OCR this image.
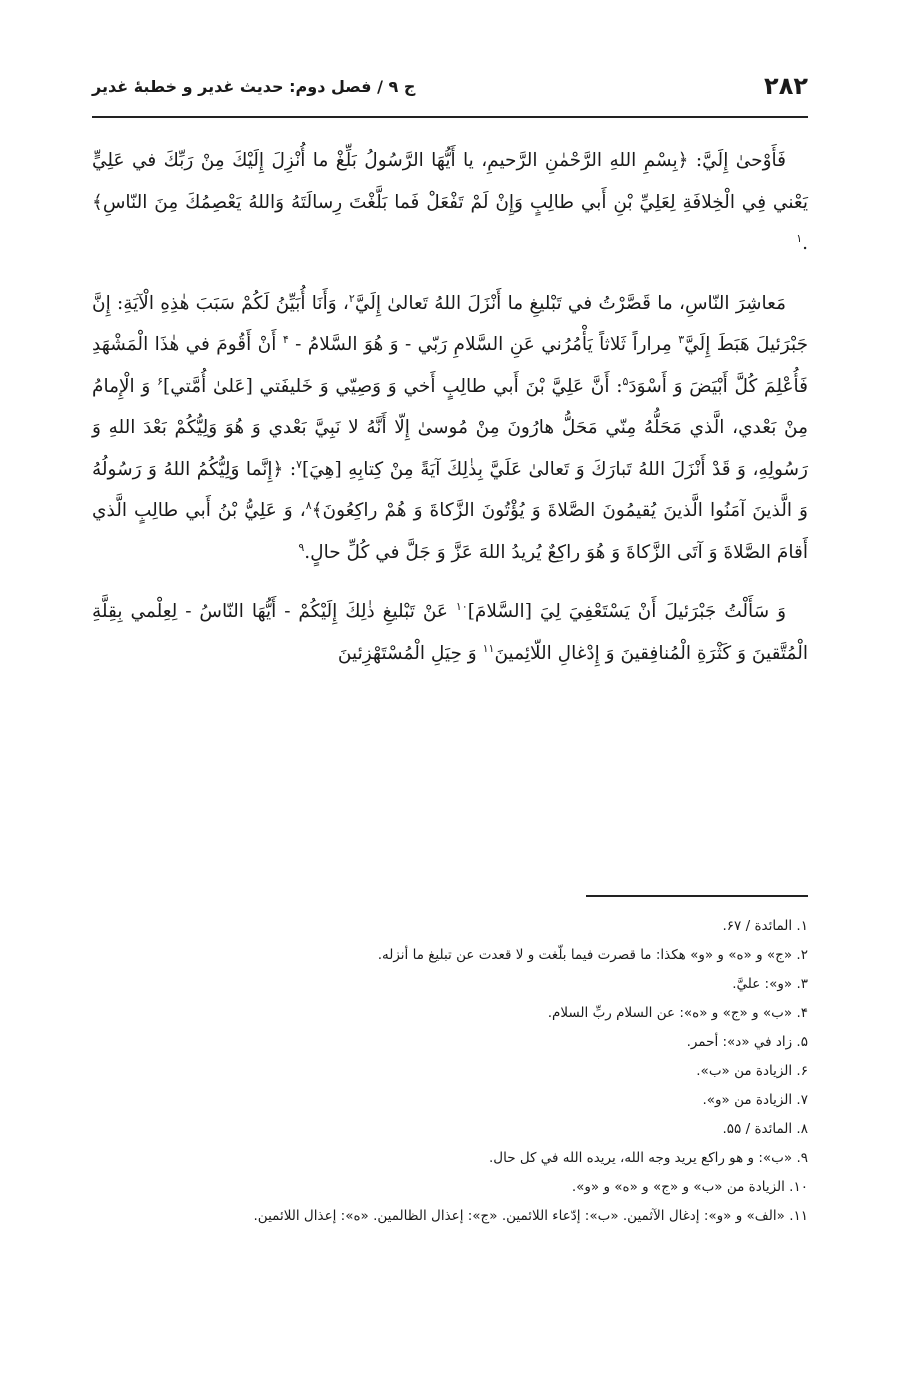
۲۸۲
ج ۹ / فصل دوم: حديث غدير و خطبهٔ غدير

فَأَوْحىٰ إِلَيَّ: ﴿بِسْمِ اللهِ الرَّحْمٰنِ الرَّحيمِ، يا أَيُّهَا الرَّسُولُ بَلِّغْ ما أُنْزِلَ إِلَيْكَ مِنْ رَبِّكَ في عَلِيٍّ يَعْني فِي الْخِلافَةِ لِعَلِيِّ بْنِ أَبي طالِبٍ وَإِنْ لَمْ تَفْعَلْ فَما بَلَّغْتَ رِسالَتَهُ وَاللهُ يَعْصِمُكَ مِنَ النّاسِ﴾ .$^۱$

مَعاشِرَ النّاسِ، ما قَصَّرْتُ في تَبْليغِ ما أَنْزَلَ اللهُ تَعالىٰ إِلَيَّ$^۲$، وَأَنَا أُبَيِّنُ لَكُمْ سَبَبَ هٰذِهِ الْآيَةِ: إِنَّ جَبْرَئيلَ هَبَطَ إِلَيَّ$^۳$ مِراراً ثَلاثاً يَأْمُرُني عَنِ السَّلامِ رَبّي - وَ هُوَ السَّلامُ - $^۴$ أَنْ أَقُومَ في هٰذَا الْمَشْهَدِ فَأُعْلِمَ كُلَّ أَبْيَضَ وَ أَسْوَدَ$^۵$: أَنَّ عَلِيَّ بْنَ أَبي طالِبٍ أَخي وَ وَصِيّي وَ خَليفَتي [عَلىٰ أُمَّتي]$^۶$ وَ الْإِمامُ مِنْ بَعْدي، الَّذي مَحَلُّهُ مِنّي مَحَلُّ هارُونَ مِنْ مُوسىٰ إِلّا أَنَّهُ لا نَبِيَّ بَعْدي وَ هُوَ وَلِيُّكُمْ بَعْدَ اللهِ وَ رَسُولِهِ، وَ قَدْ أَنْزَلَ اللهُ تَبارَكَ وَ تَعالىٰ عَلَيَّ بِذٰلِكَ آيَةً مِنْ كِتابِهِ [هِيَ]$^۷$: ﴿إِنَّما وَلِيُّكُمُ اللهُ وَ رَسُولُهُ وَ الَّذينَ آمَنُوا الَّذينَ يُقيمُونَ الصَّلاةَ وَ يُؤْتُونَ الزَّكاةَ وَ هُمْ راكِعُونَ﴾$^۸$، وَ عَلِيُّ بْنُ أَبي طالِبٍ الَّذي أَقامَ الصَّلاةَ وَ آتَى الزَّكاةَ وَ هُوَ راكِعٌ يُريدُ اللهَ عَزَّ وَ جَلَّ في كُلِّ حالٍ.$^۹$

وَ سَأَلْتُ جَبْرَئيلَ أَنْ يَسْتَعْفِيَ لِيَ [السَّلامَ]$^{۱۰}$ عَنْ تَبْليغِ ذٰلِكَ إِلَيْكُمْ - أَيُّهَا النّاسُ - لِعِلْمي بِقِلَّةِ الْمُتَّقينَ وَ كَثْرَةِ الْمُنافِقينَ وَ إِدْغالِ اللّائِمينَ$^{۱۱}$ وَ حِيَلِ الْمُسْتَهْزِئينَ

۱. المائدة / ۶۷.
۲. «ج» و «ه» و «و» هكذا: ما قصرت فيما بلّغت و لا قعدت عن تبليغ ما أنزله.
۳. «و»: عليَّ.
۴. «ب» و «ج» و «ه»: عن السلام ربِّ السلام.
۵. زاد في «د»: أحمر.
۶. الزيادة من «ب».
۷. الزيادة من «و».
۸. المائدة / ۵۵.
۹. «ب»: و هو راكع يريد وجه الله، يريده الله في كل حال.
۱۰. الزيادة من «ب» و «ج» و «ه» و «و».
۱۱. «الف» و «و»: إدغال الآثمين. «ب»: إدّعاء اللائمين. «ج»: إعذال الظالمين. «ه»: إعذال اللائمين.
